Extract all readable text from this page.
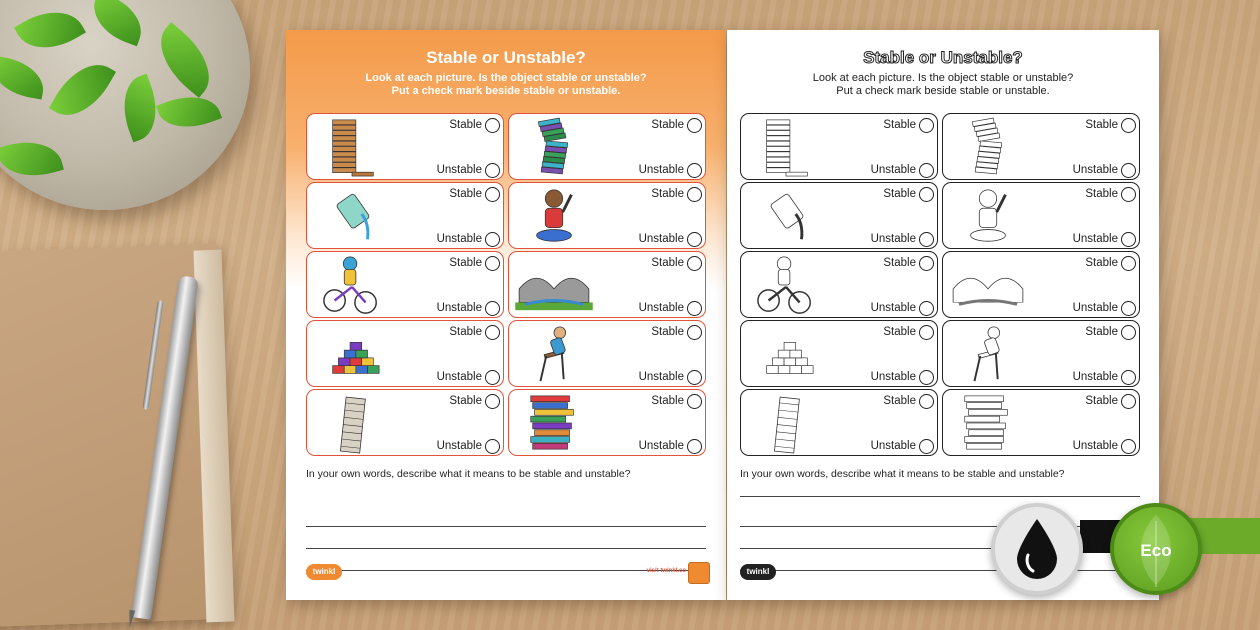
Stable or Unstable?
Look at each picture. Is the object stable or unstable?
Put a check mark beside stable or unstable.
Stable
Unstable
Stable
Unstable
Stable
Unstable
Stable
Unstable
Stable
Unstable
Stable
Unstable
Stable
Unstable
Stable
Unstable
Stable
Unstable
Stable
Unstable
In your own words, describe what it means to be stable and unstable?
twinkl	visit twinkl.co
Stable or Unstable?
Look at each picture. Is the object stable or unstable?
Put a check mark beside stable or unstable.
Stable
Unstable
Stable
Unstable
Stable
Unstable
Stable
Unstable
Stable
Unstable
Stable
Unstable
Stable
Unstable
Stable
Unstable
Stable
Unstable
Stable
Unstable
In your own words, describe what it means to be stable and unstable?
twinkl
Eco
